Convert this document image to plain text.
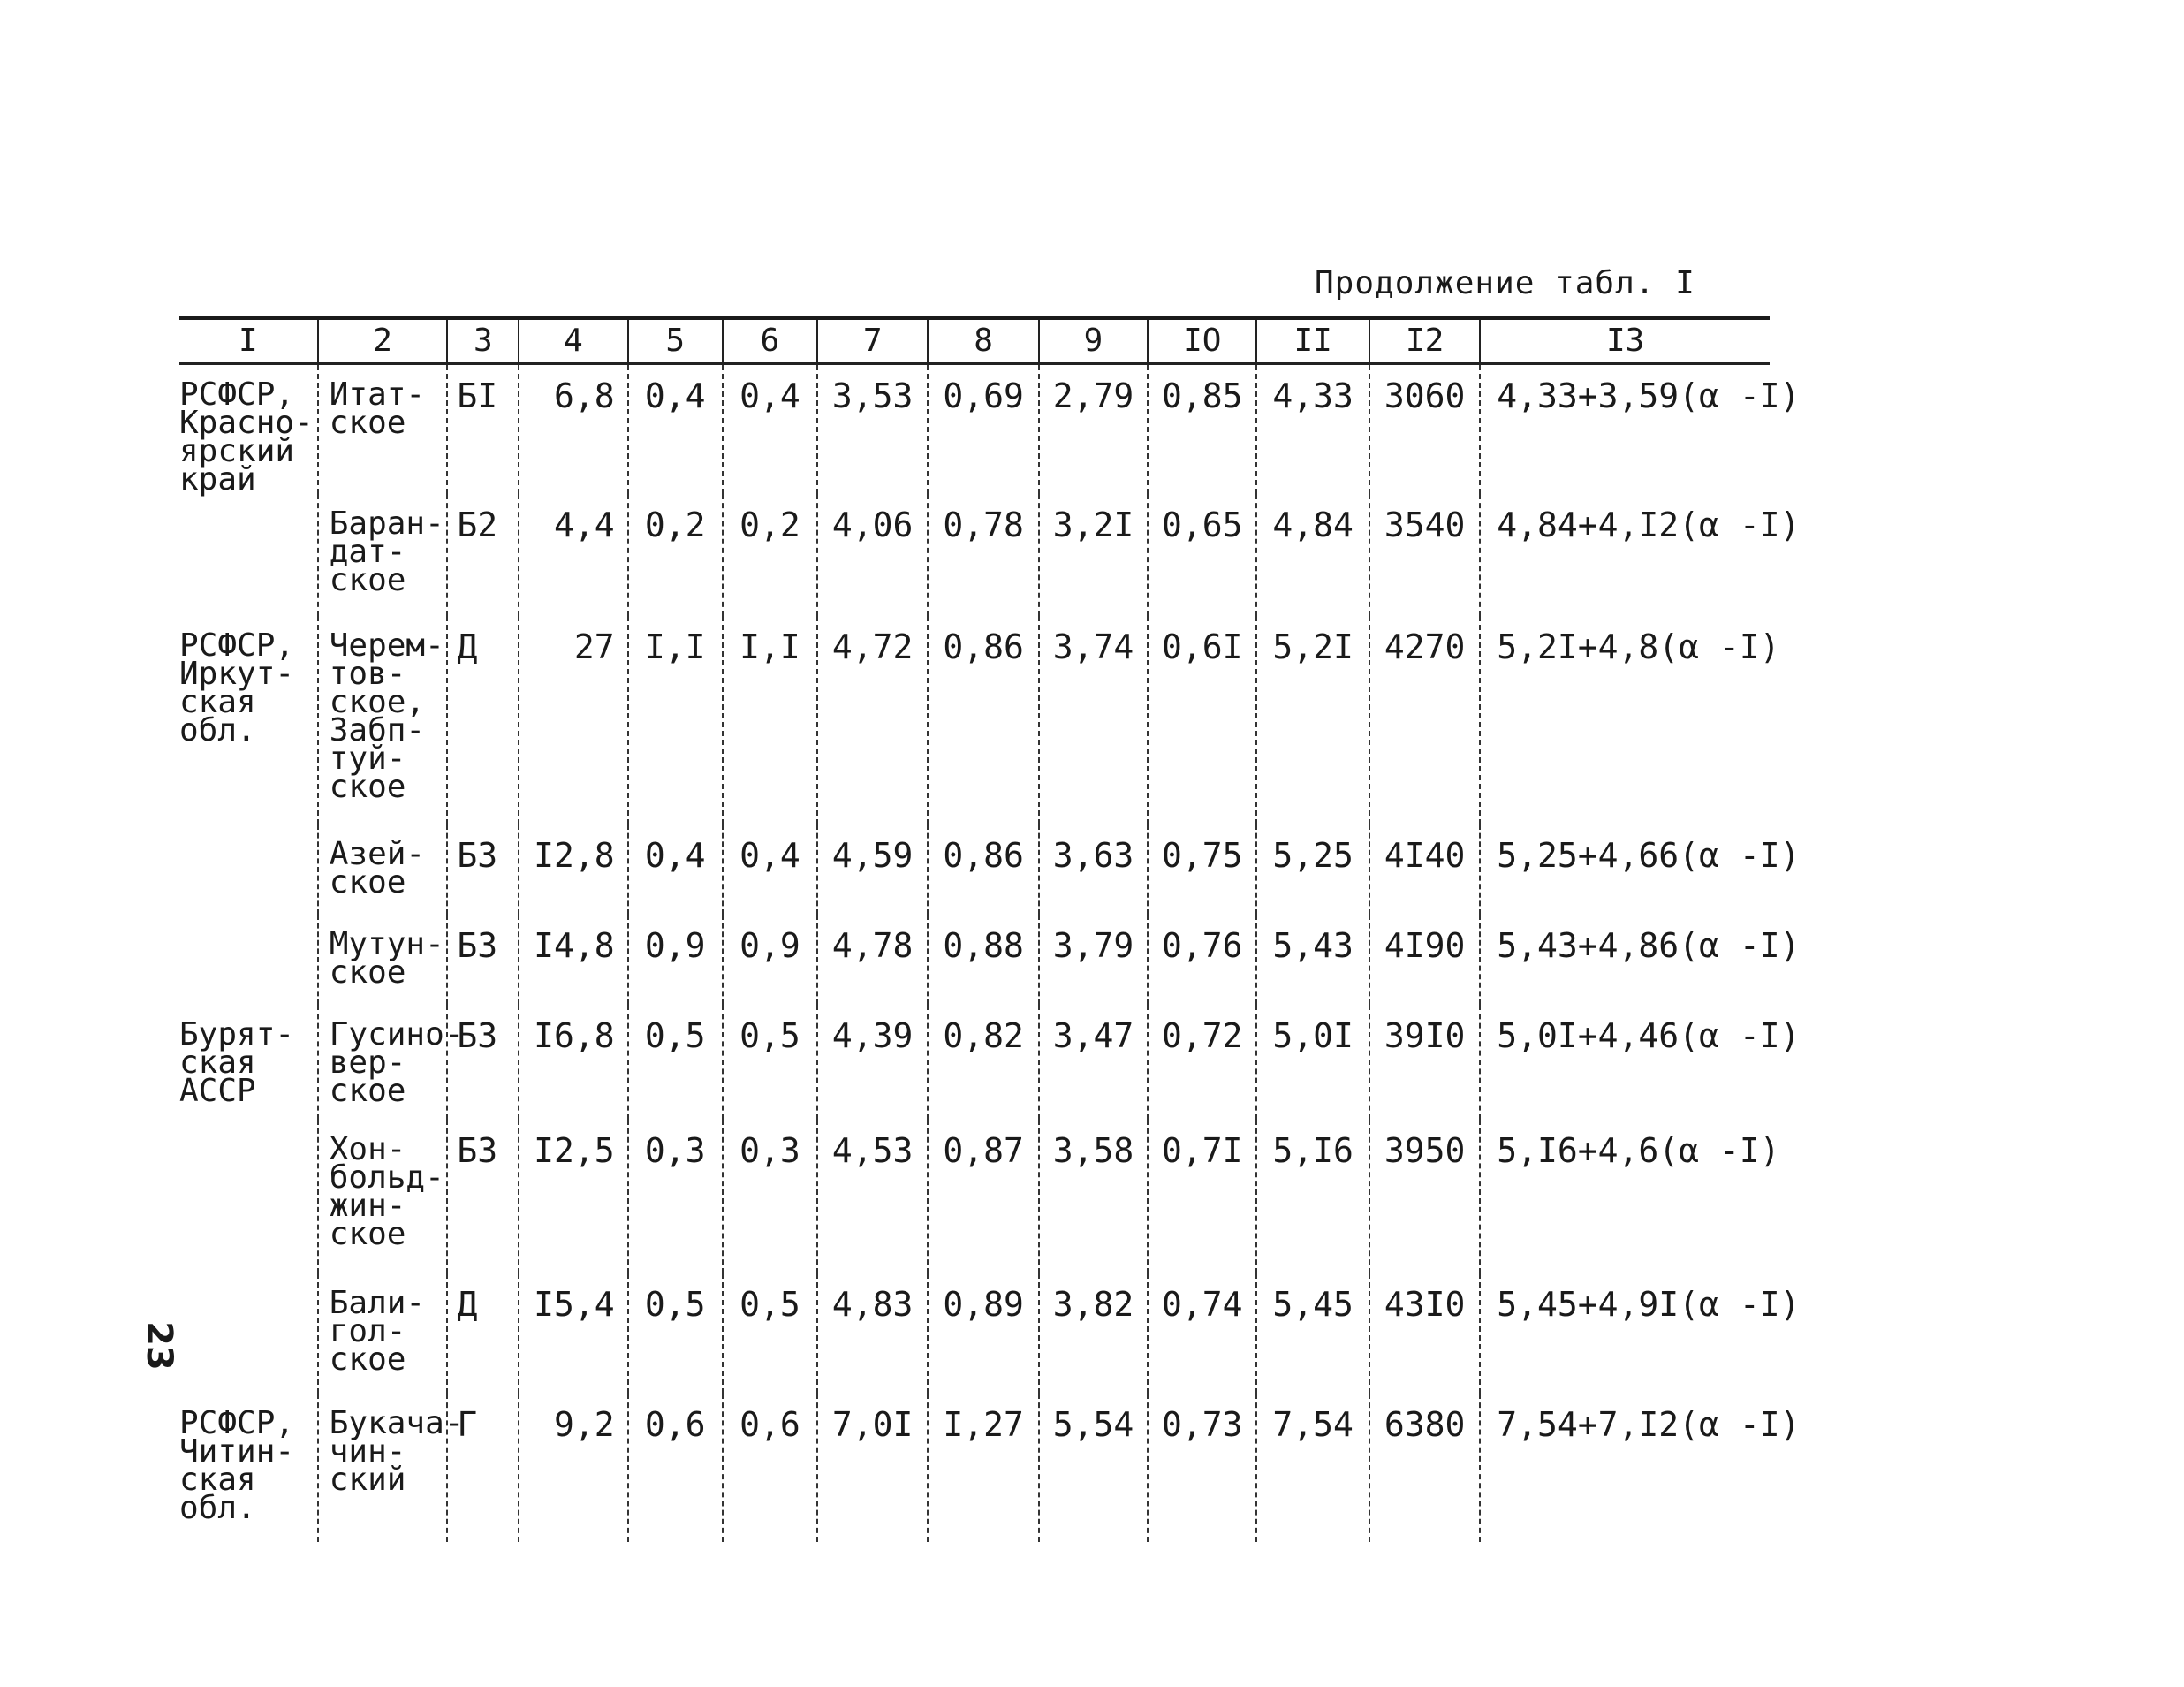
Продолжение табл. I
I	2	3	4	5	6	7	8	9	IO	II	I2	I3
РСФСР, Красно- ярский край	Итат- ское	БI	6,8	0,4	0,4	3,53	0,69	2,79	0,85	4,33	3060	4,33+3,59(α -I)
	Баран- дат- ское	Б2	4,4	0,2	0,2	4,06	0,78	3,2I	0,65	4,84	3540	4,84+4,I2(α -I)
РСФСР, Иркут- ская обл.	Черем- тов- ское, Забп- туй- ское	Д	27	I,I	I,I	4,72	0,86	3,74	0,6I	5,2I	4270	5,2I+4,8(α -I)
	Азей- ское	Б3	I2,8	0,4	0,4	4,59	0,86	3,63	0,75	5,25	4I40	5,25+4,66(α -I)
	Мутун- ское	Б3	I4,8	0,9	0,9	4,78	0,88	3,79	0,76	5,43	4I90	5,43+4,86(α -I)
Бурят- ская АССР	Гусино- вер- ское	Б3	I6,8	0,5	0,5	4,39	0,82	3,47	0,72	5,0I	39I0	5,0I+4,46(α -I)
	Хон- больд- жин- ское	Б3	I2,5	0,3	0,3	4,53	0,87	3,58	0,7I	5,I6	3950	5,I6+4,6(α -I)
	Бали- гол- ское	Д	I5,4	0,5	0,5	4,83	0,89	3,82	0,74	5,45	43I0	5,45+4,9I(α -I)
РСФСР, Читин- ская обл.	Букача- чин- ский	Г	9,2	0,6	0,6	7,0I	I,27	5,54	0,73	7,54	6380	7,54+7,I2(α -I)
23
